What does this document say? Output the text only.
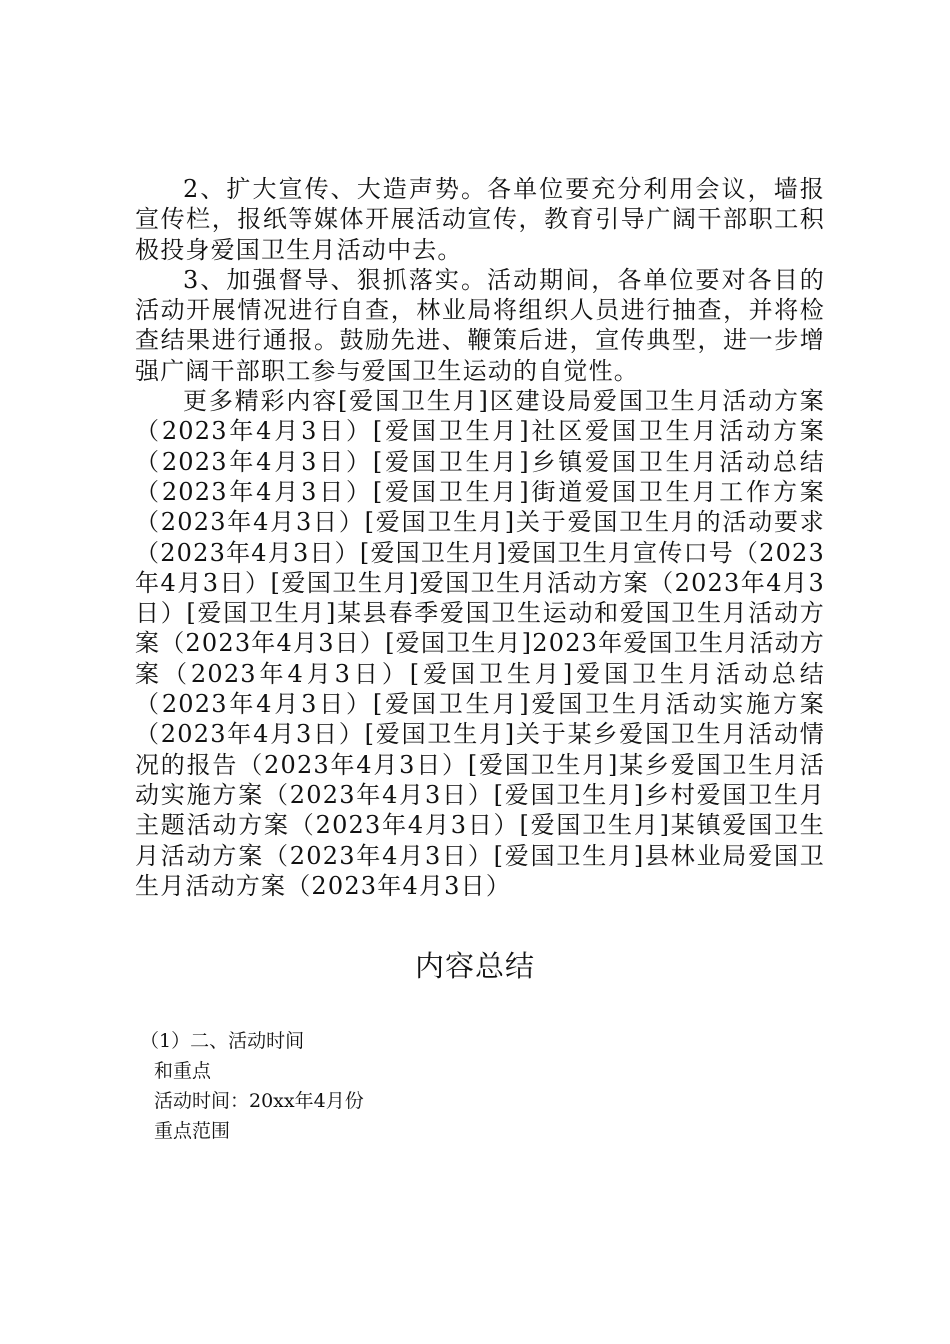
2、扩大宣传、大造声势。各单位要充分利用会议，墙报宣传栏，报纸等媒体开展活动宣传，教育引导广阔干部职工积极投身爱国卫生月活动中去。

3、加强督导、狠抓落实。活动期间，各单位要对各目的活动开展情况进行自查，林业局将组织人员进行抽查，并将检查结果进行通报。鼓励先进、鞭策后进，宣传典型，进一步增强广阔干部职工参与爱国卫生运动的自觉性。

更多精彩内容[爱国卫生月]区建设局爱国卫生月活动方案（2023年4月3日）[爱国卫生月]社区爱国卫生月活动方案（2023年4月3日）[爱国卫生月]乡镇爱国卫生月活动总结（2023年4月3日）[爱国卫生月]街道爱国卫生月工作方案（2023年4月3日）[爱国卫生月]关于爱国卫生月的活动要求（2023年4月3日）[爱国卫生月]爱国卫生月宣传口号（2023年4月3日）[爱国卫生月]爱国卫生月活动方案（2023年4月3日）[爱国卫生月]某县春季爱国卫生运动和爱国卫生月活动方案（2023年4月3日）[爱国卫生月]2023年爱国卫生月活动方案（2023年4月3日）[爱国卫生月]爱国卫生月活动总结（2023年4月3日）[爱国卫生月]爱国卫生月活动实施方案（2023年4月3日）[爱国卫生月]关于某乡爱国卫生月活动情况的报告（2023年4月3日）[爱国卫生月]某乡爱国卫生月活动实施方案（2023年4月3日）[爱国卫生月]乡村爱国卫生月主题活动方案（2023年4月3日）[爱国卫生月]某镇爱国卫生月活动方案（2023年4月3日）[爱国卫生月]县林业局爱国卫生月活动方案（2023年4月3日）

内容总结
（1）二、活动时间
和重点
活动时间：20xx年4月份
重点范围
